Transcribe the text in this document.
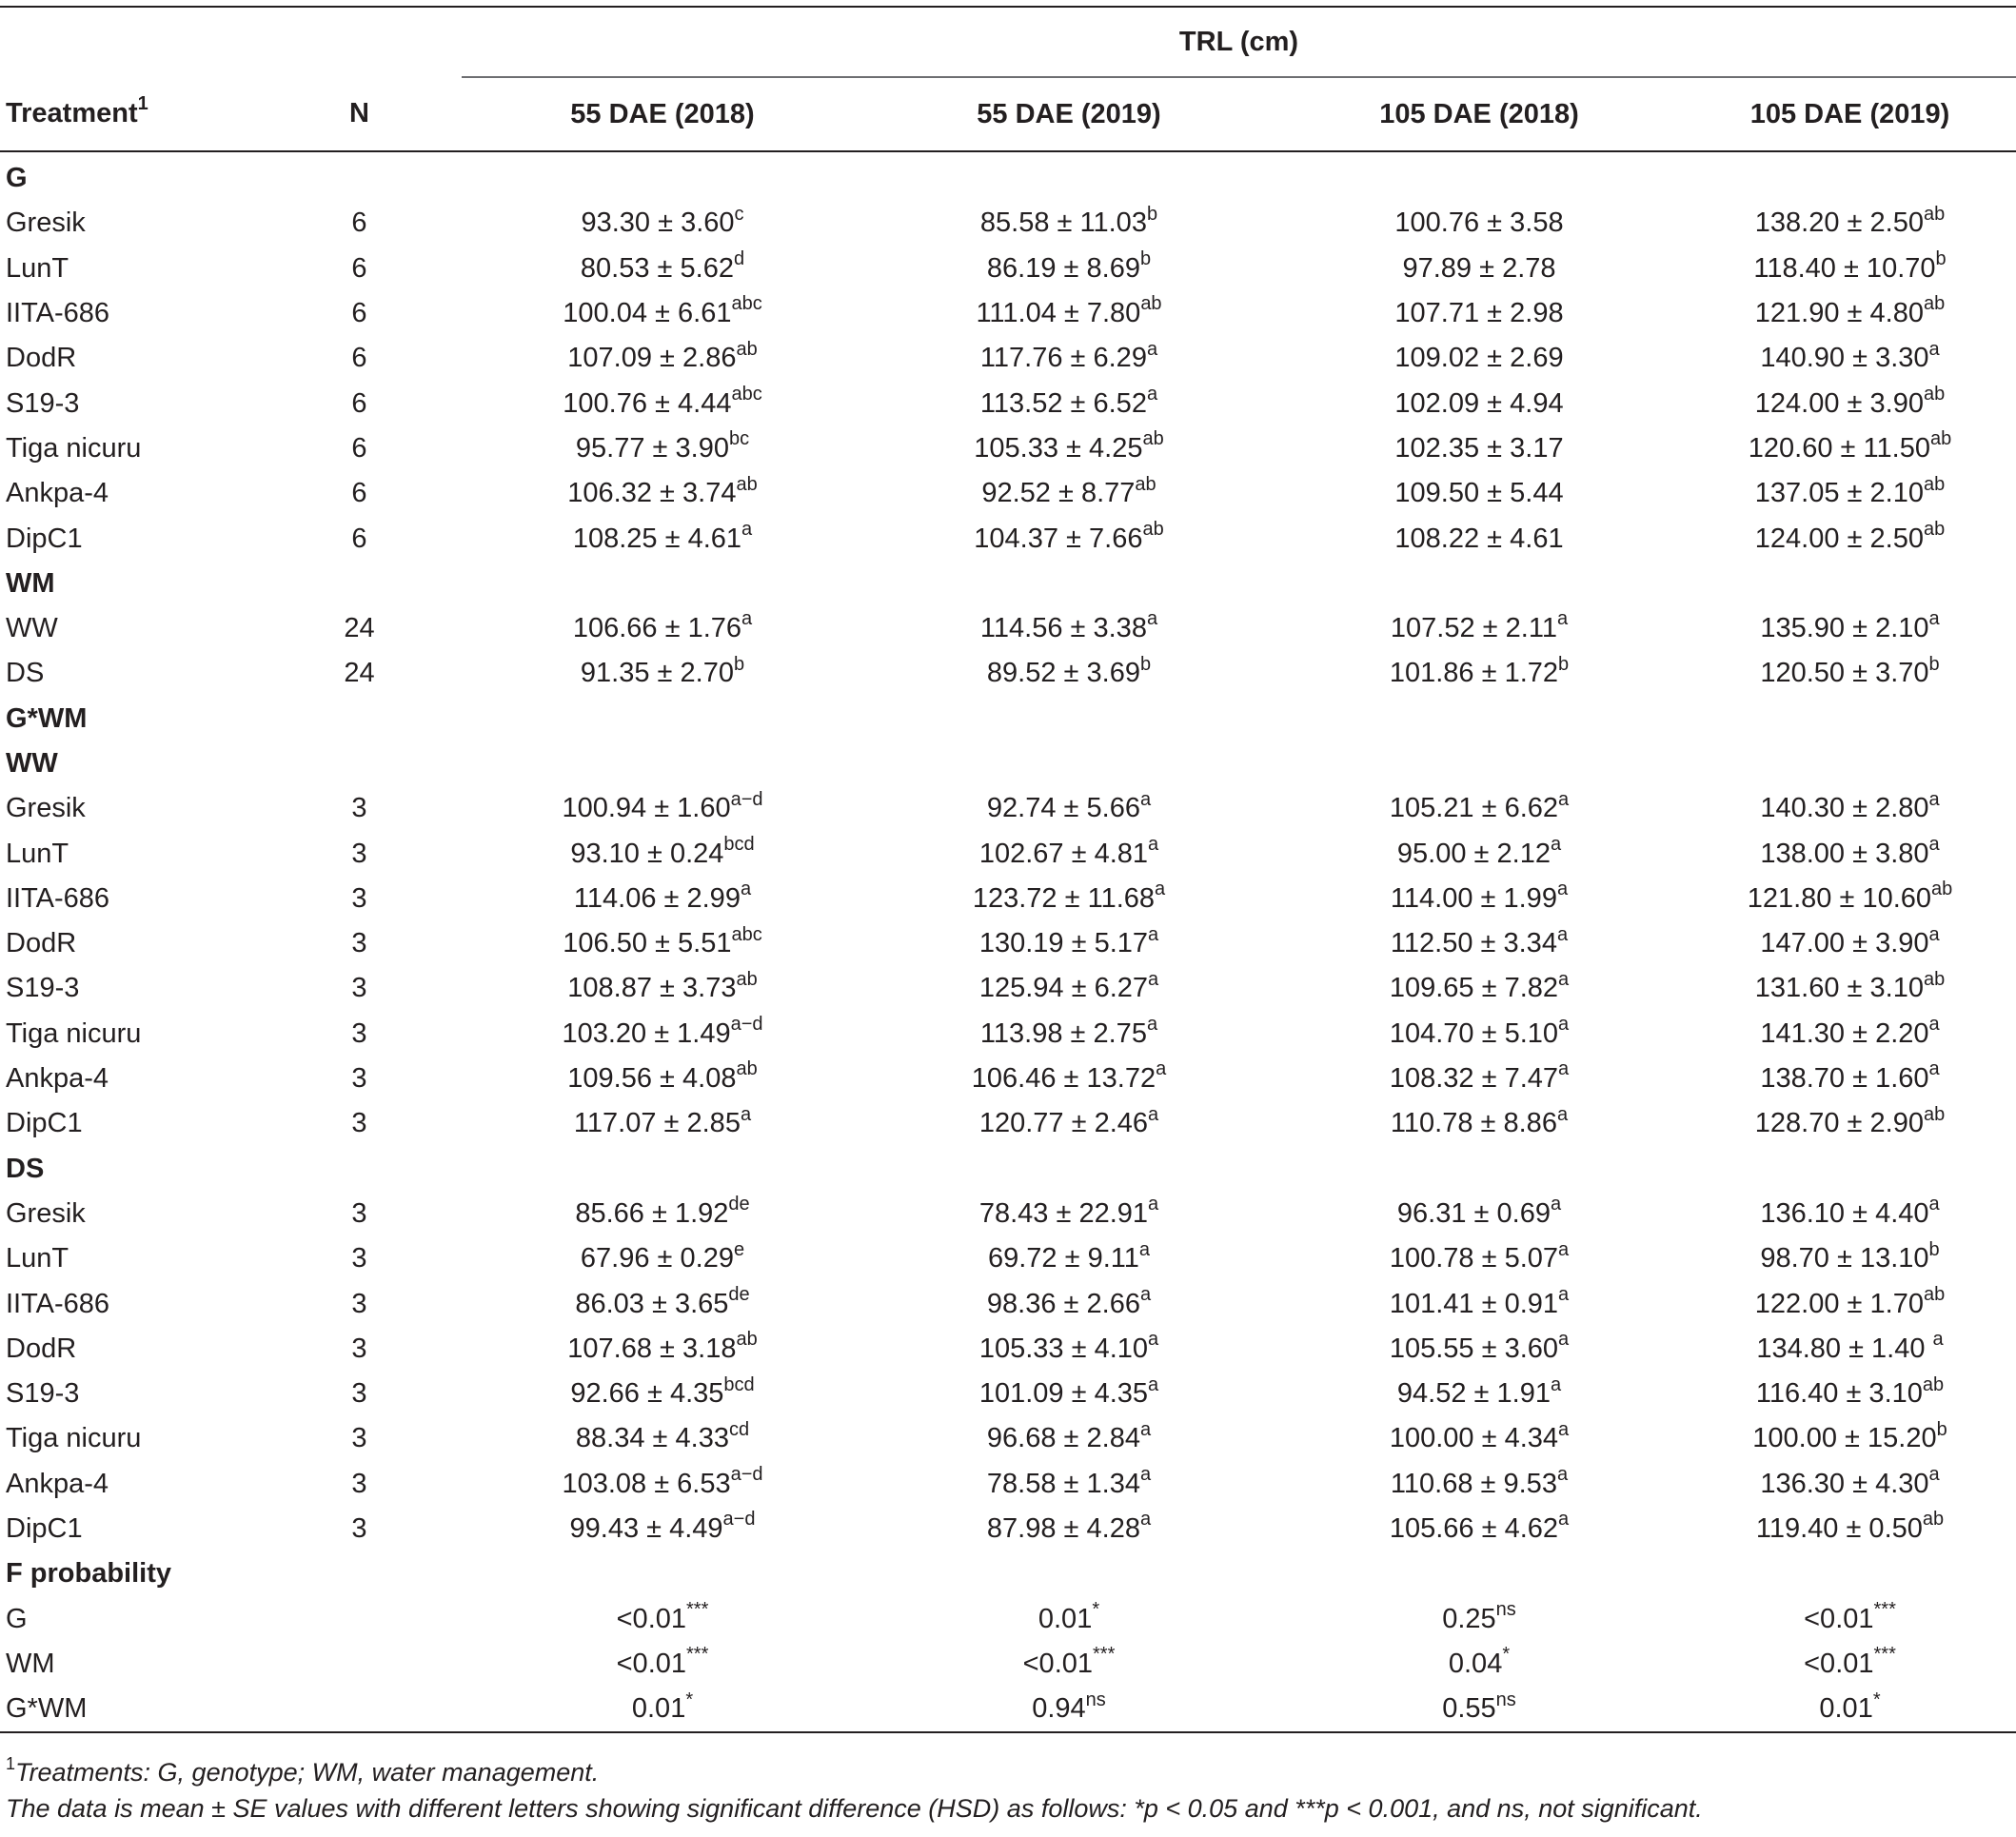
		TRL (cm)			
Treatment$^1$	N	55 DAE (2018)	55 DAE (2019)	105 DAE (2018)	105 DAE (2019)
G					
Gresik	6	93.30 ± 3.60$^c$	85.58 ± 11.03$^b$	100.76 ± 3.58	138.20 ± 2.50$^{ab}$
LunT	6	80.53 ± 5.62$^d$	86.19 ± 8.69$^b$	97.89 ± 2.78	118.40 ± 10.70$^b$
IITA-686	6	100.04 ± 6.61$^{abc}$	111.04 ± 7.80$^{ab}$	107.71 ± 2.98	121.90 ± 4.80$^{ab}$
DodR	6	107.09 ± 2.86$^{ab}$	117.76 ± 6.29$^a$	109.02 ± 2.69	140.90 ± 3.30$^a$
S19-3	6	100.76 ± 4.44$^{abc}$	113.52 ± 6.52$^a$	102.09 ± 4.94	124.00 ± 3.90$^{ab}$
Tiga nicuru	6	95.77 ± 3.90$^{bc}$	105.33 ± 4.25$^{ab}$	102.35 ± 3.17	120.60 ± 11.50$^{ab}$
Ankpa-4	6	106.32 ± 3.74$^{ab}$	92.52 ± 8.77$^{ab}$	109.50 ± 5.44	137.05 ± 2.10$^{ab}$
DipC1	6	108.25 ± 4.61$^a$	104.37 ± 7.66$^{ab}$	108.22 ± 4.61	124.00 ± 2.50$^{ab}$
WM					
WW	24	106.66 ± 1.76$^a$	114.56 ± 3.38$^a$	107.52 ± 2.11$^a$	135.90 ± 2.10$^a$
DS	24	91.35 ± 2.70$^b$	89.52 ± 3.69$^b$	101.86 ± 1.72$^b$	120.50 ± 3.70$^b$
G*WM					
WW					
Gresik	3	$100.94 \pm 1.60^{a-d}$	92.74 ± 5.66$^a$	105.21 ± 6.62$^a$	140.30 ± 2.80$^a$
LunT	3	93.10 ± 0.24$^{bcd}$	102.67 ± 4.81$^a$	95.00 ± 2.12$^a$	138.00 ± 3.80$^a$
IITA-686	3	114.06 ± 2.99$^a$	123.72 ± 11.68$^a$	114.00 ± 1.99$^a$	121.80 ± 10.60$^{ab}$
DodR	3	106.50 ± 5.51$^{abc}$	130.19 ± 5.17$^a$	112.50 ± 3.34$^a$	147.00 ± 3.90$^a$
S19-3	3	108.87 ± 3.73$^{ab}$	125.94 ± 6.27$^a$	109.65 ± 7.82$^a$	131.60 ± 3.10$^{ab}$
Tiga nicuru	3	$103.20 \pm 1.49^{a-d}$	113.98 ± 2.75$^a$	104.70 ± 5.10$^a$	141.30 ± 2.20$^a$
Ankpa-4	3	109.56 ± 4.08$^{ab}$	106.46 ± 13.72$^a$	108.32 ± 7.47$^a$	138.70 ± 1.60$^a$
DipC1	3	117.07 ± 2.85$^a$	120.77 ± 2.46$^a$	110.78 ± 8.86$^a$	128.70 ± 2.90$^{ab}$
DS					
Gresik	3	85.66 ± 1.92de	78.43 ± 22.91$^a$	96.31 ± 0.69$^a$	136.10 ± 4.40$^a$
LunT	3	67.96 ± 0.29$^e$	69.72 ± 9.11$^a$	100.78 ± 5.07$^a$	98.70 ± 13.10$^b$
IITA-686	3	86.03 ± 3.65de	98.36 ± 2.66$^a$	101.41 ± 0.91$^a$	122.00 ± 1.70$^{ab}$
DodR	3	107.68 ± 3.18$^{ab}$	105.33 ± 4.10$^a$	105.55 ± 3.60$^a$	134.80 ± 1.40 $^a$
S19-3	3	92.66 ± 4.35$^{bcd}$	101.09 ± 4.35$^a$	94.52 ± 1.91$^a$	116.40 ± 3.10$^{ab}$
Tiga nicuru	3	88.34 ± 4.33$^{cd}$	96.68 ± 2.84$^a$	100.00 ± 4.34$^a$	100.00 ± 15.20$^b$
Ankpa-4	3	$103.08 \pm 6.53^{a-d}$	78.58 ± 1.34$^a$	110.68 ± 9.53$^a$	136.30 ± 4.30$^a$
DipC1	3	$99.43 \pm 4.49^{a-d}$	87.98 ± 4.28$^a$	105.66 ± 4.62$^a$	119.40 ± 0.50$^{ab}$
F probability					
G		<0.01***	0.01*	$0.25^{ns}$	<0.01***
WM		<0.01***	<0.01***	0.04*	<0.01***
G*WM		0.01*	$0.94^{ns}$	$0.55^{ns}$	0.01*

$^1$Treatments: G, genotype; WM, water management.

The data is mean ± SE values with different letters showing significant difference (HSD) as follows: *p < 0.05 and ***p < 0.001, and ns, not significant.
